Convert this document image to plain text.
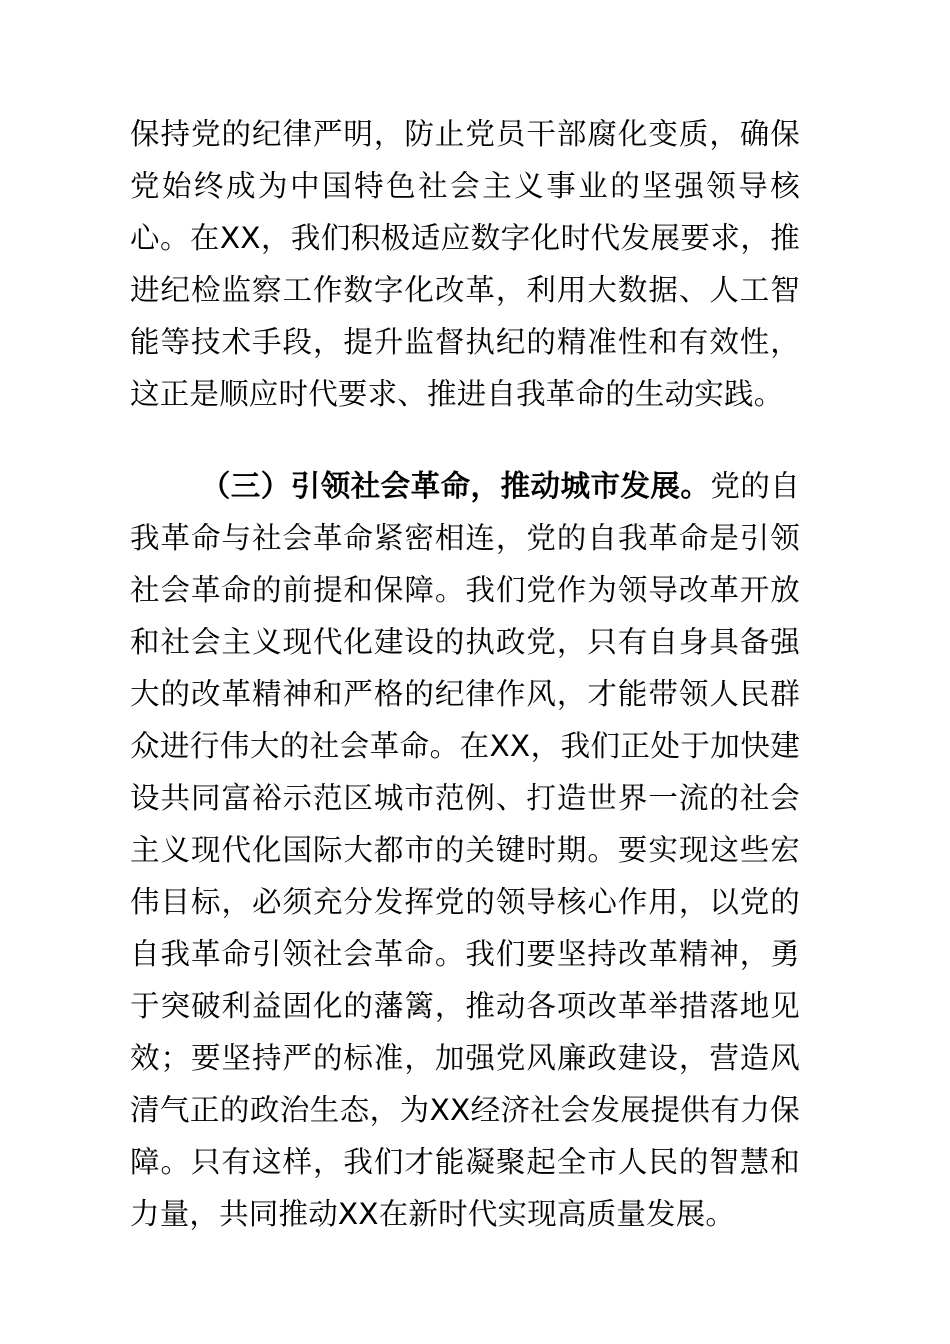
保持党的纪律严明，防止党员干部腐化变质，确保党始终成为中国特色社会主义事业的坚强领导核心。在XX，我们积极适应数字化时代发展要求，推进纪检监察工作数字化改革，利用大数据、人工智能等技术手段，提升监督执纪的精准性和有效性，这正是顺应时代要求、推进自我革命的生动实践。

（三）引领社会革命，推动城市发展。党的自我革命与社会革命紧密相连，党的自我革命是引领社会革命的前提和保障。我们党作为领导改革开放和社会主义现代化建设的执政党，只有自身具备强大的改革精神和严格的纪律作风，才能带领人民群众进行伟大的社会革命。在XX，我们正处于加快建设共同富裕示范区城市范例、打造世界一流的社会主义现代化国际大都市的关键时期。要实现这些宏伟目标，必须充分发挥党的领导核心作用，以党的自我革命引领社会革命。我们要坚持改革精神，勇于突破利益固化的藩篱，推动各项改革举措落地见效；要坚持严的标准，加强党风廉政建设，营造风清气正的政治生态，为XX经济社会发展提供有力保障。只有这样，我们才能凝聚起全市人民的智慧和力量，共同推动XX在新时代实现高质量发展。
